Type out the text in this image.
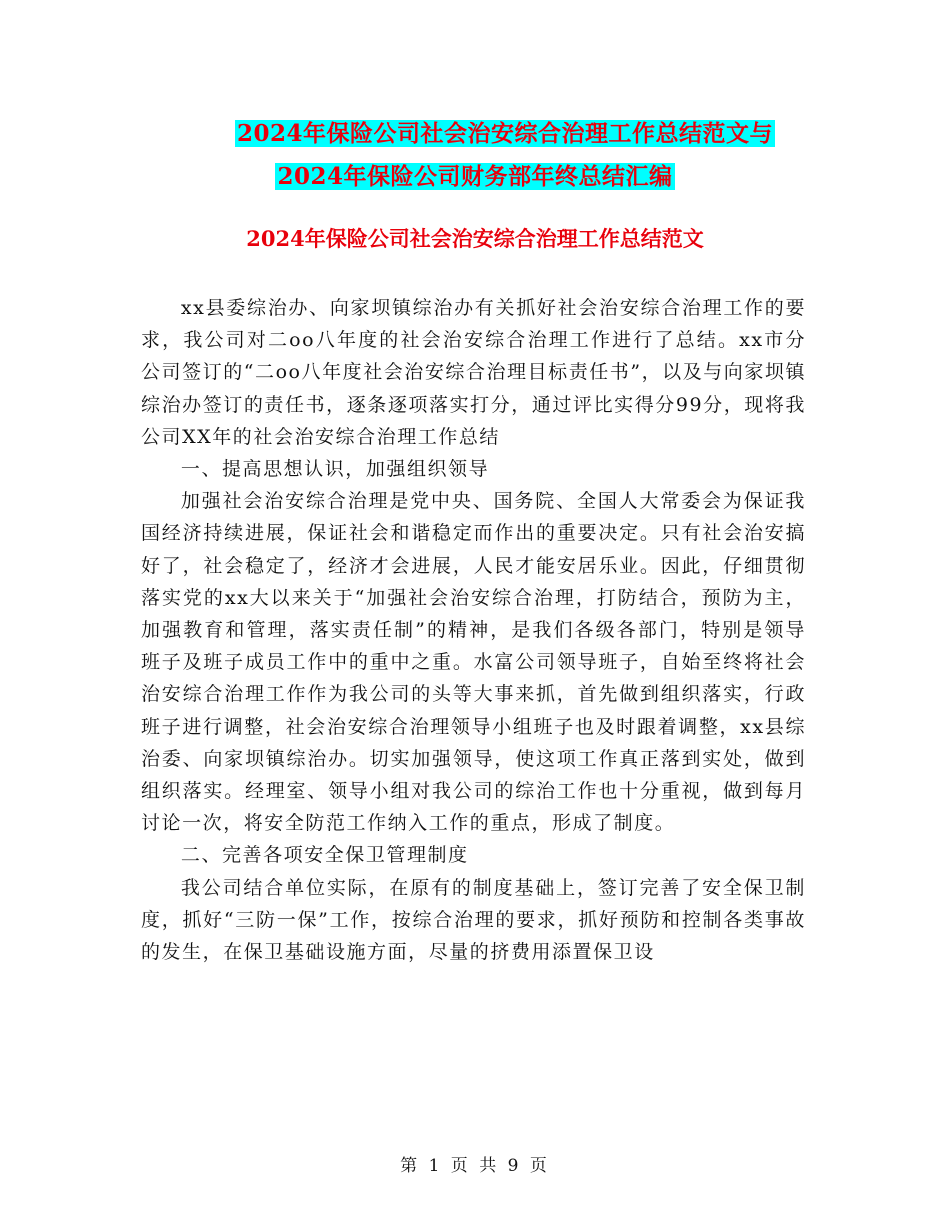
2024年保险公司社会治安综合治理工作总结范文与
2024年保险公司财务部年终总结汇编
2024年保险公司社会治安综合治理工作总结范文

xx县委综治办、向家坝镇综治办有关抓好社会治安综合治理工作的要求，我公司对二oo八年度的社会治安综合治理工作进行了总结。xx市分公司签订的“二oo八年度社会治安综合治理目标责任书”，以及与向家坝镇综治办签订的责任书，逐条逐项落实打分，通过评比实得分99分，现将我公司XX年的社会治安综合治理工作总结

一、提高思想认识，加强组织领导

加强社会治安综合治理是党中央、国务院、全国人大常委会为保证我国经济持续进展，保证社会和谐稳定而作出的重要决定。只有社会治安搞好了，社会稳定了，经济才会进展，人民才能安居乐业。因此，仔细贯彻落实党的xx大以来关于“加强社会治安综合治理，打防结合，预防为主，加强教育和管理，落实责任制”的精神，是我们各级各部门，特别是领导班子及班子成员工作中的重中之重。水富公司领导班子，自始至终将社会治安综合治理工作作为我公司的头等大事来抓，首先做到组织落实，行政班子进行调整，社会治安综合治理领导小组班子也及时跟着调整，xx县综治委、向家坝镇综治办。切实加强领导，使这项工作真正落到实处，做到组织落实。经理室、领导小组对我公司的综治工作也十分重视，做到每月讨论一次，将安全防范工作纳入工作的重点，形成了制度。

二、完善各项安全保卫管理制度

我公司结合单位实际，在原有的制度基础上，签订完善了安全保卫制度，抓好“三防一保”工作，按综合治理的要求，抓好预防和控制各类事故的发生，在保卫基础设施方面，尽量的挤费用添置保卫设

第 1 页 共 9 页
